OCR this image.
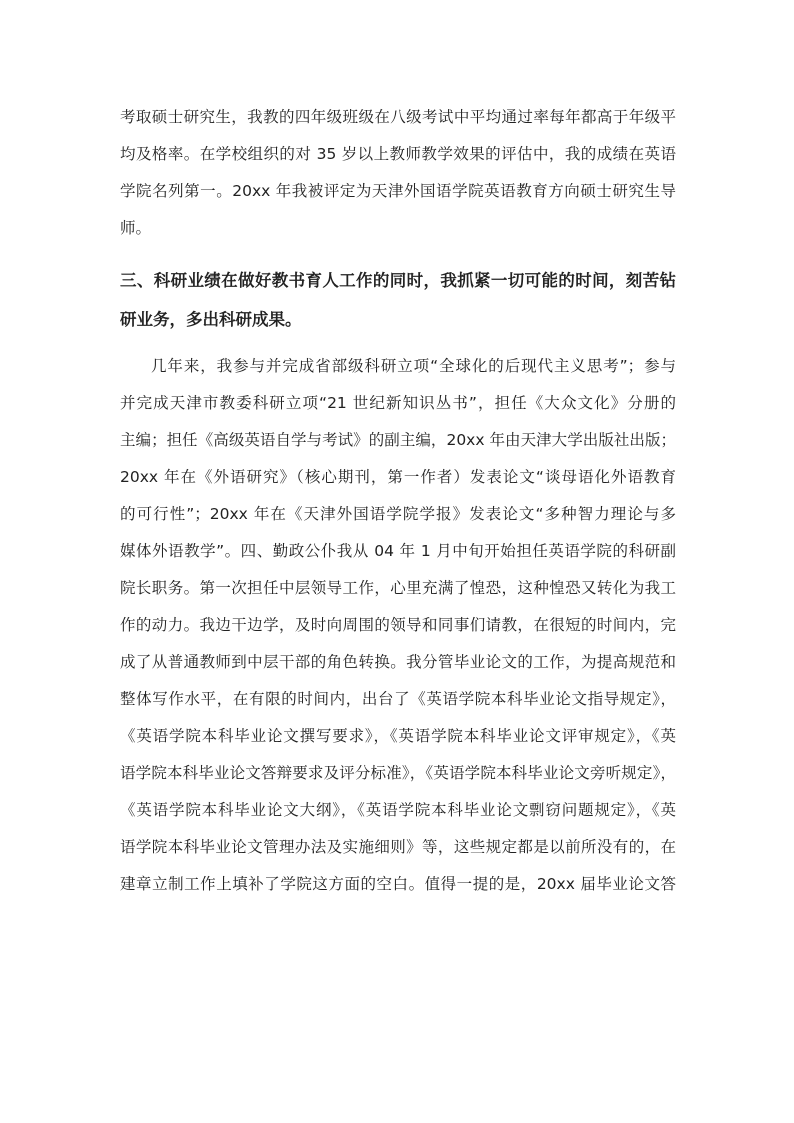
考取硕士研究生，我教的四年级班级在八级考试中平均通过率每年都高于年级平
均及格率。在学校组织的对 35 岁以上教师教学效果的评估中，我的成绩在英语
学院名列第一。20xx 年我被评定为天津外国语学院英语教育方向硕士研究生导
师。
三、科研业绩在做好教书育人工作的同时，我抓紧一切可能的时间，刻苦钻
研业务，多出科研成果。
几年来，我参与并完成省部级科研立项“全球化的后现代主义思考”；参与
并完成天津市教委科研立项“21 世纪新知识丛书”，担任《大众文化》分册的
主编；担任《高级英语自学与考试》的副主编，20xx 年由天津大学出版社出版；
20xx 年在《外语研究》（核心期刊，第一作者）发表论文“谈母语化外语教育
的可行性”；20xx 年在《天津外国语学院学报》发表论文“多种智力理论与多
媒体外语教学”。四、勤政公仆我从 04 年 1 月中旬开始担任英语学院的科研副
院长职务。第一次担任中层领导工作，心里充满了惶恐，这种惶恐又转化为我工
作的动力。我边干边学，及时向周围的领导和同事们请教，在很短的时间内，完
成了从普通教师到中层干部的角色转换。我分管毕业论文的工作，为提高规范和
整体写作水平，在有限的时间内，出台了《英语学院本科毕业论文指导规定》，
《英语学院本科毕业论文撰写要求》，《英语学院本科毕业论文评审规定》，《英
语学院本科毕业论文答辩要求及评分标准》，《英语学院本科毕业论文旁听规定》，
《英语学院本科毕业论文大纲》，《英语学院本科毕业论文剽窃问题规定》，《英
语学院本科毕业论文管理办法及实施细则》等，这些规定都是以前所没有的，在
建章立制工作上填补了学院这方面的空白。值得一提的是，20xx 届毕业论文答
